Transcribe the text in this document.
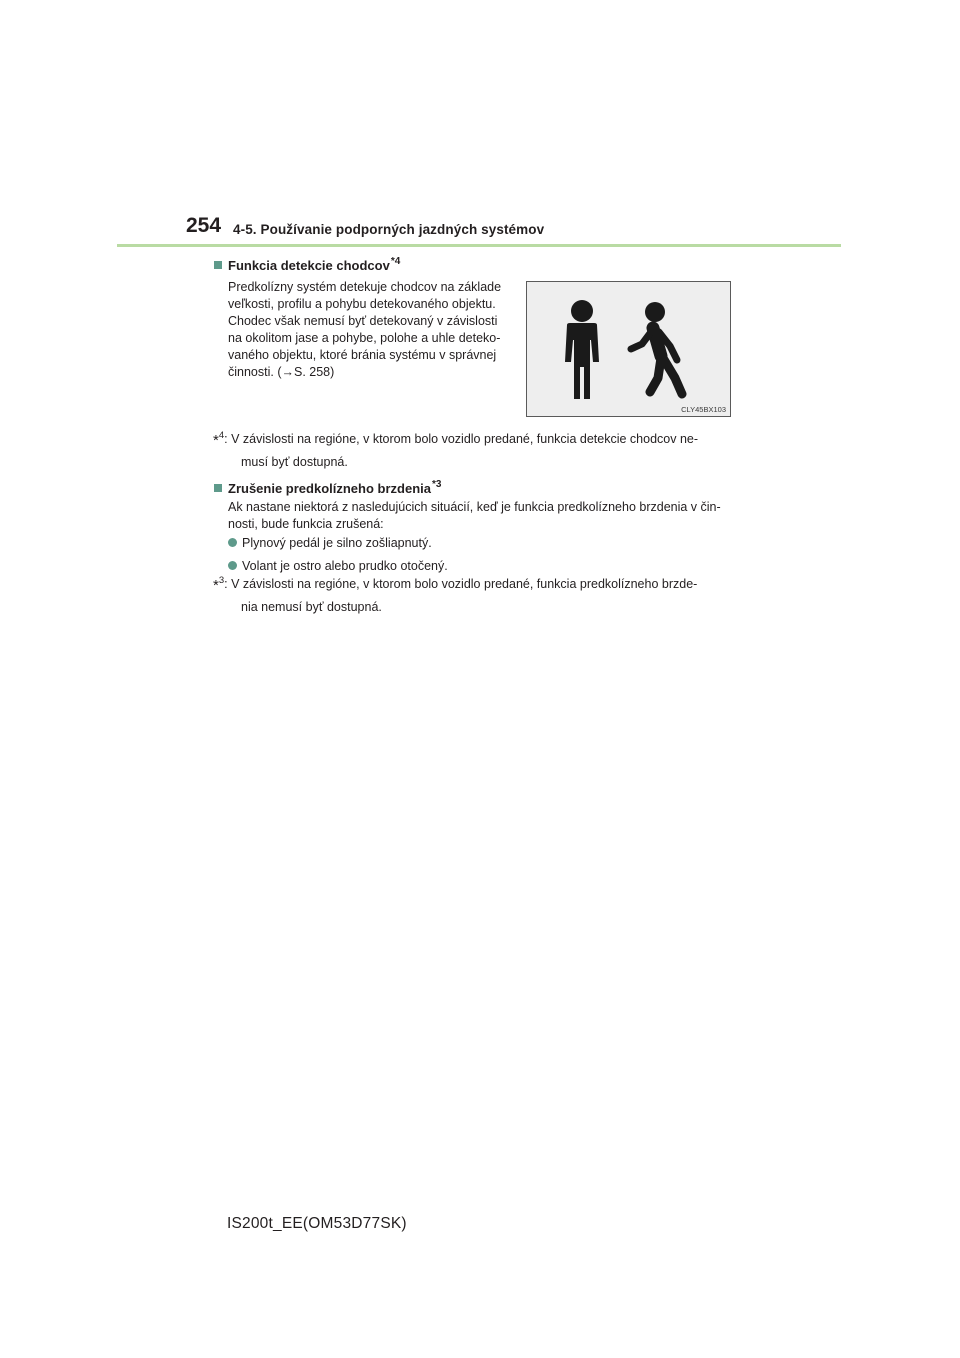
254 4-5. Používanie podporných jazdných systémov
Funkcia detekcie chodcov$^{*4}$
Predkolízny systém detekuje chodcov na základe
veľkosti, profilu a pohybu detekovaného objektu.
Chodec však nemusí byť detekovaný v závislosti
na okolitom jase a pohybe, polohe a uhle deteko-
vaného objektu, ktoré bránia systému v správnej
činnosti. (→S. 258)
CLY45BX103
*$^4$: V závislosti na regióne, v ktorom bolo vozidlo predané, funkcia detekcie chodcov ne-
musí byť dostupná.
Zrušenie predkolízneho brzdenia$^{*3}$
Ak nastane niektorá z nasledujúcich situácií, keď je funkcia predkolízneho brzdenia v čin-
nosti, bude funkcia zrušená:
Plynový pedál je silno zošliapnutý.
Volant je ostro alebo prudko otočený.
*$^3$: V závislosti na regióne, v ktorom bolo vozidlo predané, funkcia predkolízneho brzde-
nia nemusí byť dostupná.
IS200t_EE(OM53D77SK)
